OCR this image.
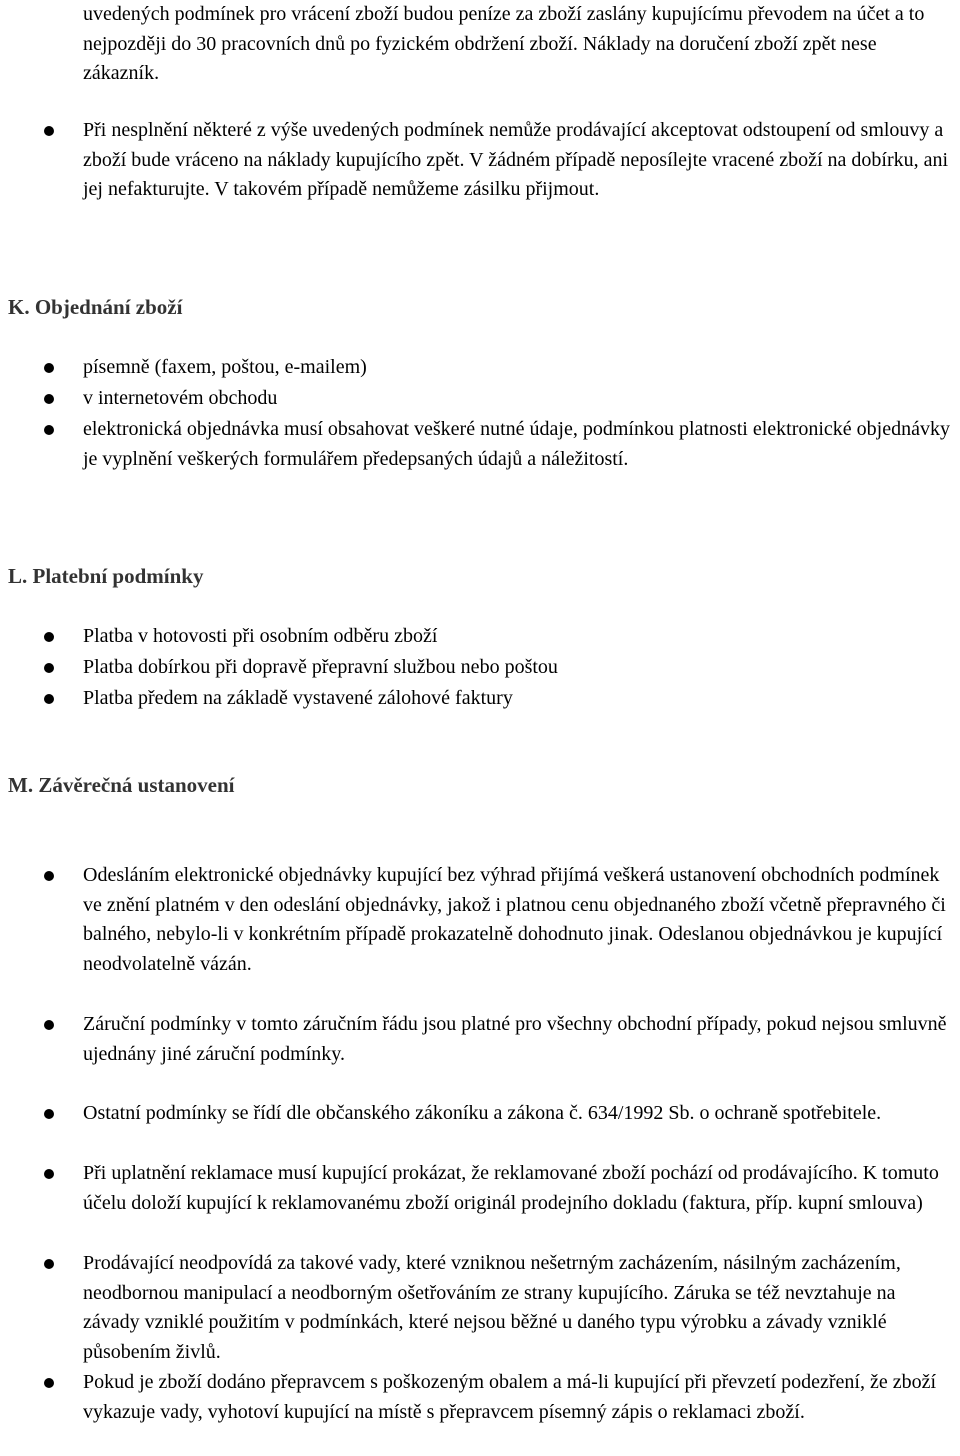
uvedených podmínek pro vrácení zboží budou peníze za zboží zaslány kupujícímu převodem na účet a to nejpozději do 30 pracovních dnů po fyzickém obdržení zboží. Náklady na doručení zboží zpět nese zákazník.

Při nesplnění některé z výše uvedených podmínek nemůže prodávající akceptovat odstoupení od smlouvy a zboží bude vráceno na náklady kupujícího zpět. V žádném případě neposílejte vracené zboží na dobírku, ani jej nefakturujte. V takovém případě nemůžeme zásilku přijmout.

K. Objednání zboží

písemně (faxem, poštou, e-mailem)

v internetovém obchodu

elektronická objednávka musí obsahovat veškeré nutné údaje, podmínkou platnosti elektronické objednávky je vyplnění veškerých formulářem předepsaných údajů a náležitostí.

L. Platební podmínky

Platba v hotovosti při osobním odběru zboží

Platba dobírkou při dopravě přepravní službou nebo poštou

Platba předem na základě vystavené zálohové faktury

M. Závěrečná ustanovení

Odesláním elektronické objednávky kupující bez výhrad přijímá veškerá ustanovení obchodních podmínek ve znění platném v den odeslání objednávky, jakož i platnou cenu objednaného zboží včetně přepravného či balného, nebylo-li v konkrétním případě prokazatelně dohodnuto jinak. Odeslanou objednávkou je kupující neodvolatelně vázán.

Záruční podmínky v tomto záručním řádu jsou platné pro všechny obchodní případy, pokud nejsou smluvně ujednány jiné záruční podmínky.

Ostatní podmínky se řídí dle občanského zákoníku a zákona č. 634/1992 Sb. o ochraně spotřebitele.

Při uplatnění reklamace musí kupující prokázat, že reklamované zboží pochází od prodávajícího. K tomuto účelu doloží kupující k reklamovanému zboží originál prodejního dokladu (faktura, příp. kupní smlouva)

Prodávající neodpovídá za takové vady, které vzniknou nešetrným zacházením, násilným zacházením, neodbornou manipulací a neodborným ošetřováním ze strany kupujícího. Záruka se též nevztahuje na závady vzniklé použitím v podmínkách, které nejsou běžné u daného typu výrobku a závady vzniklé působením živlů.

Pokud je zboží dodáno přepravcem s poškozeným obalem a má-li kupující při převzetí podezření, že zboží vykazuje vady, vyhotoví kupující na místě s přepravcem písemný zápis o reklamaci zboží.
